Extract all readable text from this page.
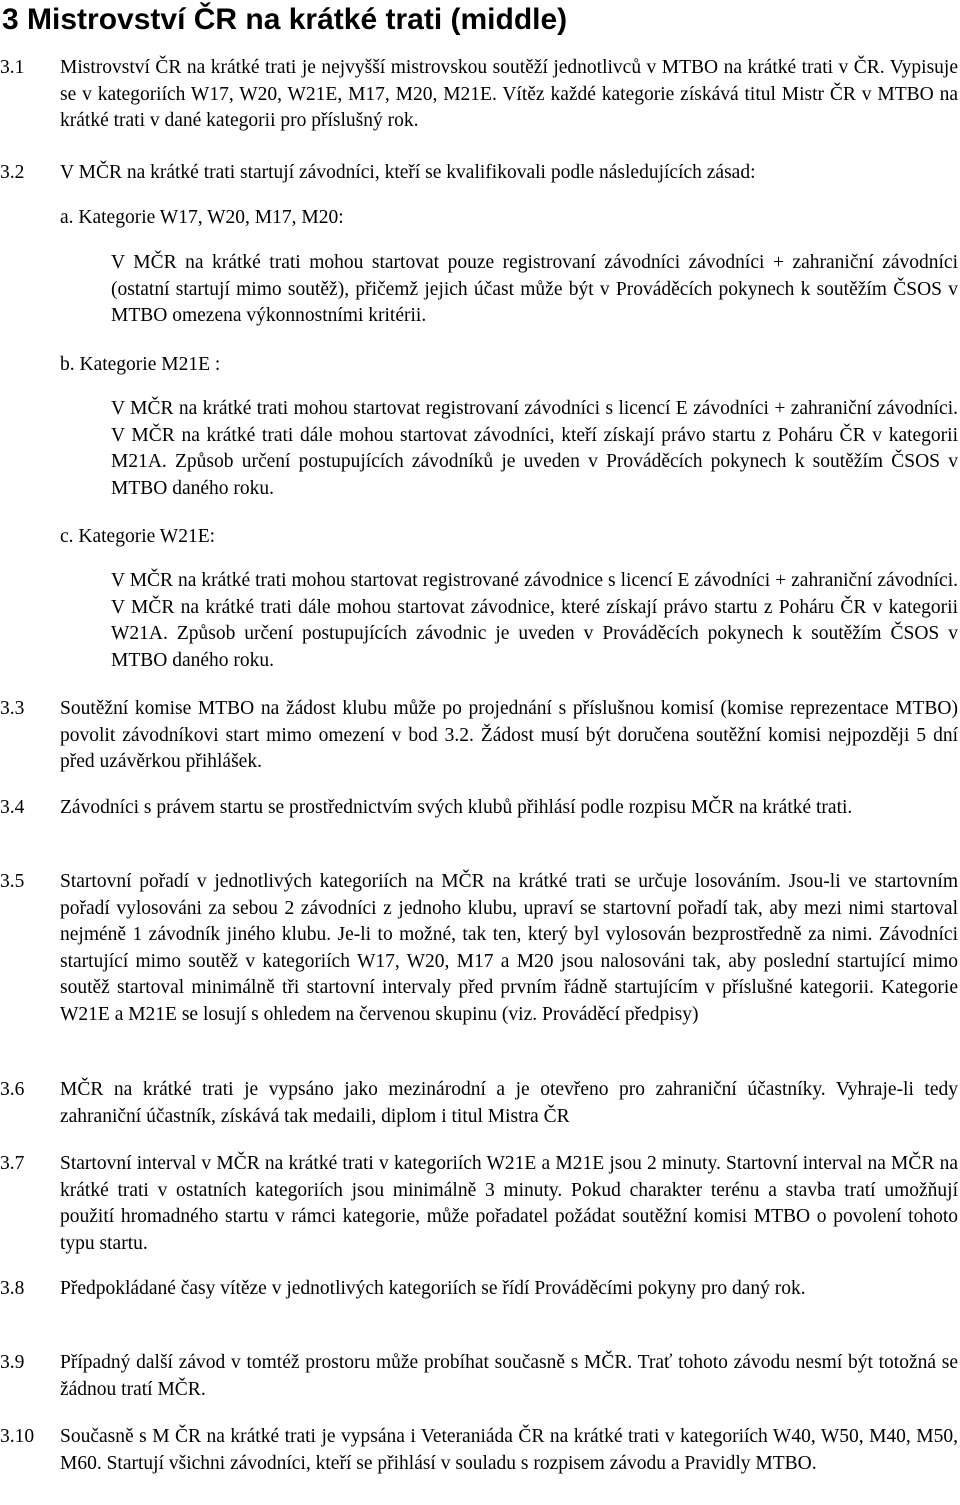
3 Mistrovství ČR na krátké trati (middle)
3.1 Mistrovství ČR na krátké trati je nejvyšší mistrovskou soutěží jednotlivců v MTBO na krátké trati v ČR. Vypisuje se v kategoriích W17, W20, W21E, M17, M20, M21E. Vítěz každé kategorie získává titul Mistr ČR v MTBO na krátké trati v dané kategorii pro příslušný rok.
3.2 V MČR na krátké trati startují závodníci, kteří se kvalifikovali podle následujících zásad:
a. Kategorie W17, W20, M17, M20:
V MČR na krátké trati mohou startovat pouze registrovaní závodníci závodníci + zahraniční závodníci (ostatní startují mimo soutěž), přičemž jejich účast může být v Prováděcích pokynech k soutěžím ČSOS v MTBO omezena výkonnostními kritérii.
b. Kategorie M21E :
V MČR na krátké trati mohou startovat registrovaní závodníci s licencí E závodníci + zahraniční závodníci. V MČR na krátké trati dále mohou startovat závodníci, kteří získají právo startu z Poháru ČR v kategorii M21A. Způsob určení postupujících závodníků je uveden v Prováděcích pokynech k soutěžím ČSOS v MTBO daného roku.
c. Kategorie W21E:
V MČR na krátké trati mohou startovat registrované závodnice s licencí E závodníci + zahraniční závodníci. V MČR na krátké trati dále mohou startovat závodnice, které získají právo startu z Poháru ČR v kategorii W21A. Způsob určení postupujících závodnic je uveden v Prováděcích pokynech k soutěžím ČSOS v MTBO daného roku.
3.3 Soutěžní komise MTBO na žádost klubu může po projednání s příslušnou komisí (komise reprezentace MTBO) povolit závodníkovi start mimo omezení v bod 3.2. Žádost musí být doručena soutěžní komisi nejpozději 5 dní před uzávěrkou přihlášek.
3.4 Závodníci s právem startu se prostřednictvím svých klubů přihlásí podle rozpisu MČR na krátké trati.
3.5 Startovní pořadí v jednotlivých kategoriích na MČR na krátké trati se určuje losováním. Jsou-li ve startovním pořadí vylosováni za sebou 2 závodníci z jednoho klubu, upraví se startovní pořadí tak, aby mezi nimi startoval nejméně 1 závodník jiného klubu. Je-li to možné, tak ten, který byl vylosován bezprostředně za nimi. Závodníci startující mimo soutěž v kategoriích W17, W20, M17 a M20 jsou nalosováni tak, aby poslední startující mimo soutěž startoval minimálně tři startovní intervaly před prvním řádně startujícím v příslušné kategorii. Kategorie W21E a M21E se losují s ohledem na červenou skupinu (viz. Prováděcí předpisy)
3.6 MČR na krátké trati je vypsáno jako mezinárodní a je otevřeno pro zahraniční účastníky. Vyhraje-li tedy zahraniční účastník, získává tak medaili, diplom i titul Mistra ČR
3.7 Startovní interval v MČR na krátké trati v kategoriích W21E a M21E jsou 2 minuty. Startovní interval na MČR na krátké trati v ostatních kategoriích jsou minimálně 3 minuty. Pokud charakter terénu a stavba tratí umožňují použití hromadného startu v rámci kategorie, může pořadatel požádat soutěžní komisi MTBO o povolení tohoto typu startu.
3.8 Předpokládané časy vítěze v jednotlivých kategoriích se řídí Prováděcími pokyny pro daný rok.
3.9 Případný další závod v tomtéž prostoru může probíhat současně s MČR. Trať tohoto závodu nesmí být totožná se žádnou tratí MČR.
3.10 Současně s M ČR na krátké trati je vypsána i Veteraniáda ČR na krátké trati v kategoriích W40, W50, M40, M50, M60. Startují všichni závodníci, kteří se přihlásí v souladu s rozpisem závodu a Pravidly MTBO.
